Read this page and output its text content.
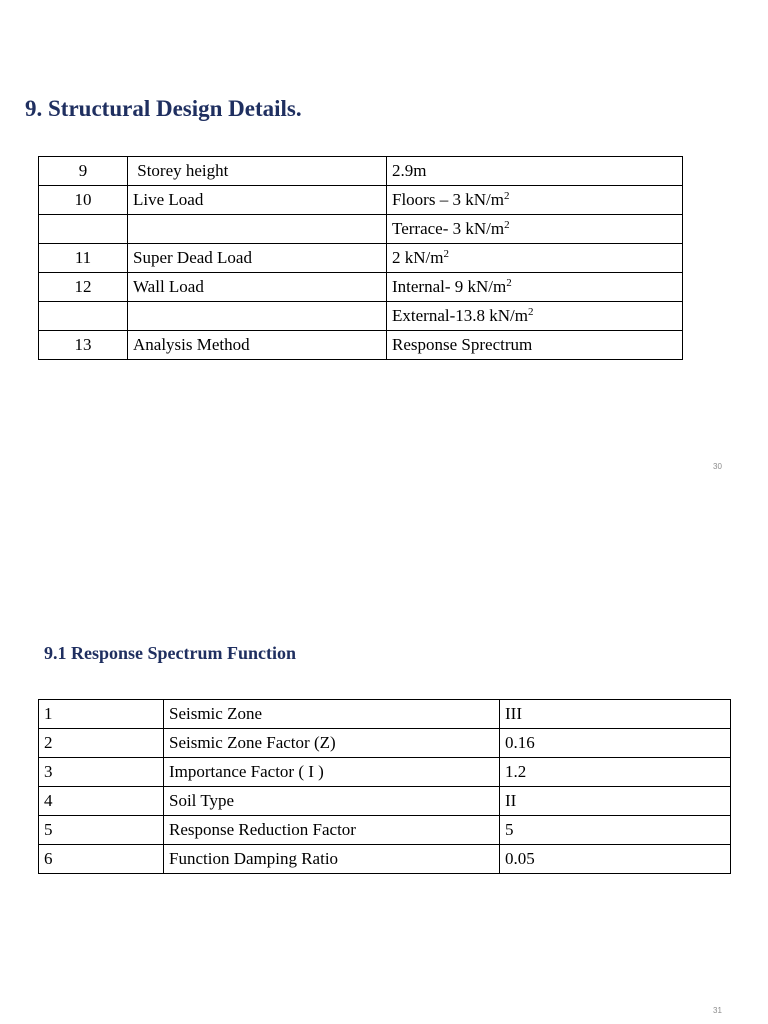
9. Structural Design Details.
9	Storey height	2.9m
10	Live Load	Floors – 3 $kN/m^2$
		Terrace- 3 $kN/m^2$
11	Super Dead Load	2 $kN/m^2$
12	Wall Load	Internal- 9 $kN/m^2$
		External-13.8 $kN/m^2$
13	Analysis Method	Response Sprectrum
30
9.1 Response Spectrum Function
1	Seismic Zone	III
2	Seismic Zone Factor (Z)	0.16
3	Importance Factor ( I )	1.2
4	Soil Type	II
5	Response Reduction Factor	5
6	Function Damping Ratio	0.05
31
